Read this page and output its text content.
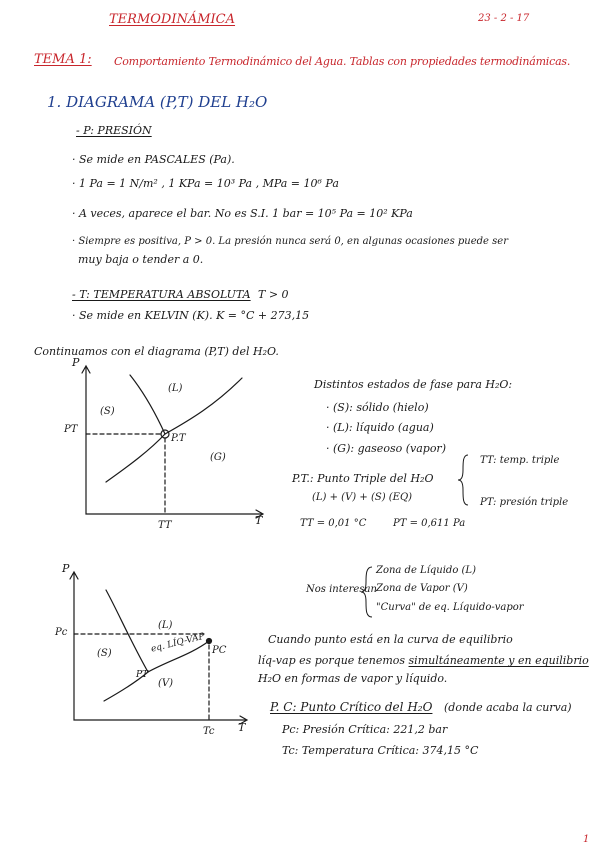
TERMODINÁMICA	23 - 2 - 17
TEMA 1: Comportamiento Termodinámico del Agua. Tablas con propiedades termodinámicas.
1. DIAGRAMA (P,T) DEL H₂O
- P: PRESIÓN
· Se mide en PASCALES (Pa).
· 1 Pa = 1 N/m² , 1 KPa = 10³ Pa , MPa = 10⁶ Pa
· A veces, aparece el bar. No es S.I. 1 bar = 10⁵ Pa = 10² KPa
· Siempre es positiva, P > 0. La presión nunca será 0, en algunas ocasiones puede ser
muy baja o tender a 0.
- T: TEMPERATURA ABSOLUTA T > 0
· Se mide en KELVIN (K). K = °C + 273,15
Continuamos con el diagrama (P,T) del H₂O.
P
T
PT
TT
P.T
(L)
(S)
(G)
Distintos estados de fase para H₂O:
· (S): sólido (hielo)
· (L): líquido (agua)
· (G): gaseoso (vapor)
P.T.: Punto Triple del H₂O
(L) + (V) + (S) (EQ)
TT: temp. triple
PT: presión triple
TT = 0,01 °C	PT = 0,611 Pa
P
T
Pc
Tc
PC
PT
(L)
(S)
(V)
eq. LÍQ-VAP
Nos interesan
Zona de Líquido (L)
Zona de Vapor (V)
"Curva" de eq. Líquido-vapor
Cuando punto está en la curva de equilibrio
líq-vap es porque tenemos simultáneamente y en equilibrio
H₂O en formas de vapor y líquido.
P. C: Punto Crítico del H₂O (donde acaba la curva)
Pc: Presión Crítica: 221,2 bar
Tc: Temperatura Crítica: 374,15 °C
1
